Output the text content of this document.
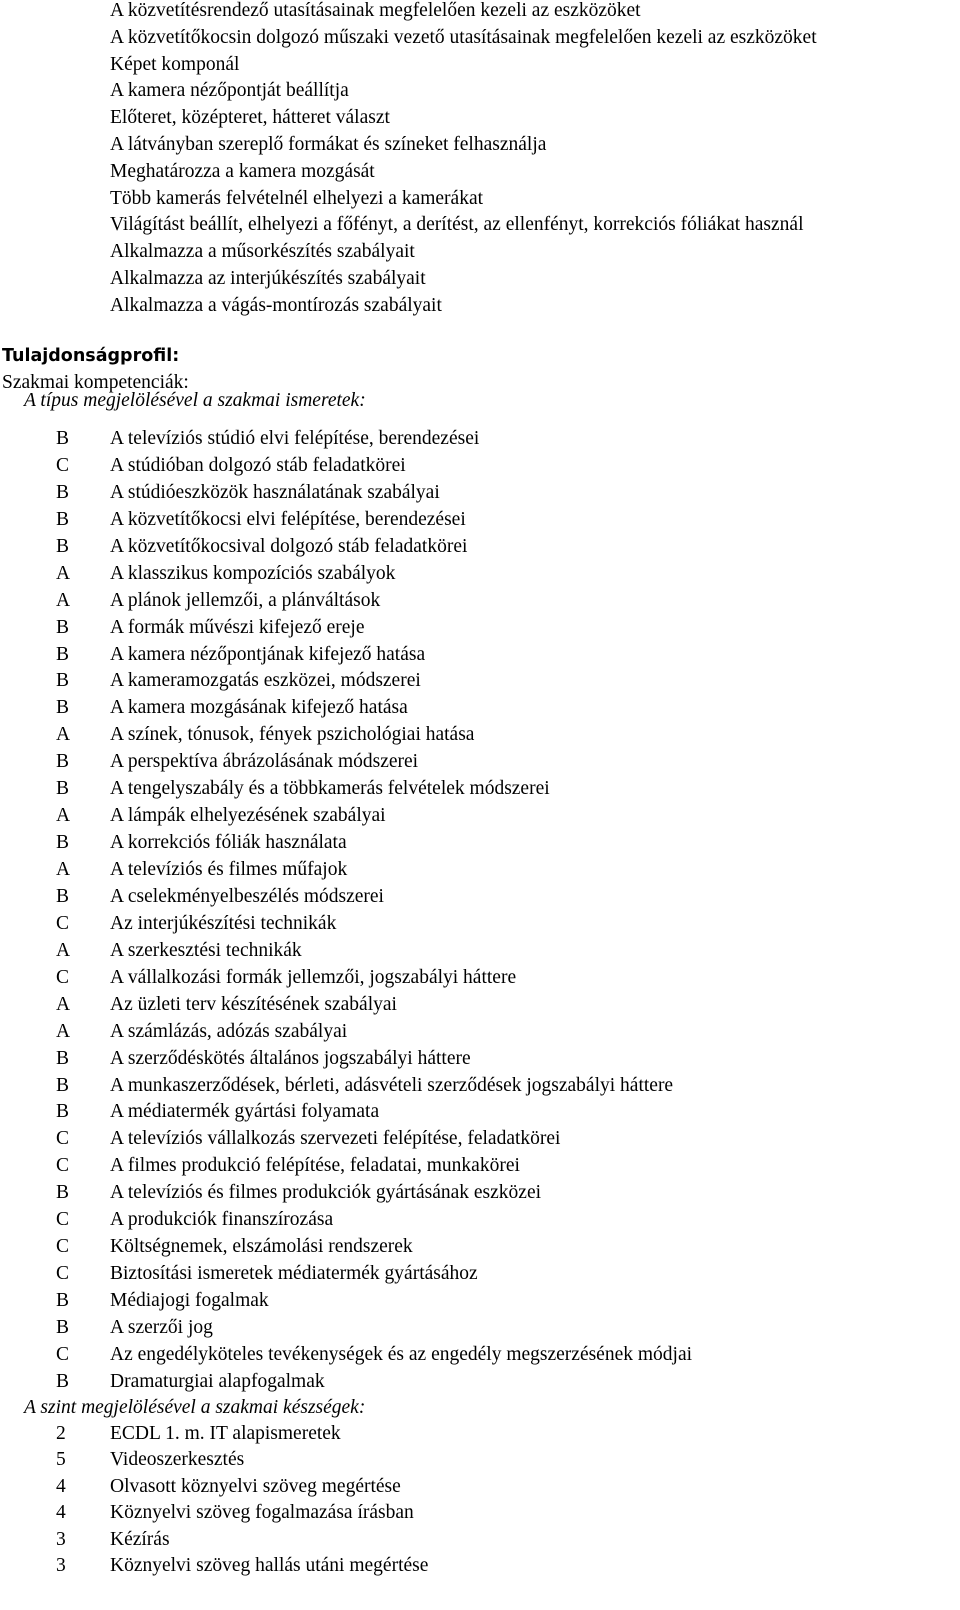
A közvetítésrendező utasításainak megfelelően kezeli az eszközöket
A közvetítőkocsin dolgozó műszaki vezető utasításainak megfelelően kezeli az eszközöket
Képet komponál
A kamera nézőpontját beállítja
Előteret, középteret, hátteret választ
A látványban szereplő formákat és színeket felhasználja
Meghatározza a kamera mozgását
Több kamerás felvételnél elhelyezi a kamerákat
Világítást beállít, elhelyezi a főfényt, a derítést, az ellenfényt, korrekciós fóliákat használ
Alkalmazza a műsorkészítés szabályait
Alkalmazza az interjúkészítés szabályait
Alkalmazza a vágás-montírozás szabályait
Tulajdonságprofil:
Szakmai kompetenciák:
A típus megjelölésével a szakmai ismeretek:
B A televíziós stúdió elvi felépítése, berendezései
C A stúdióban dolgozó stáb feladatkörei
B A stúdióeszközök használatának szabályai
B A közvetítőkocsi elvi felépítése, berendezései
B A közvetítőkocsival dolgozó stáb feladatkörei
A A klasszikus kompozíciós szabályok
A A plánok jellemzői, a plánváltások
B A formák művészi kifejező ereje
B A kamera nézőpontjának kifejező hatása
B A kameramozgatás eszközei, módszerei
B A kamera mozgásának kifejező hatása
A A színek, tónusok, fények pszichológiai hatása
B A perspektíva ábrázolásának módszerei
B A tengelyszabály és a többkamerás felvételek módszerei
A A lámpák elhelyezésének szabályai
B A korrekciós fóliák használata
A A televíziós és filmes műfajok
B A cselekményelbeszélés módszerei
C Az interjúkészítési technikák
A A szerkesztési technikák
C A vállalkozási formák jellemzői, jogszabályi háttere
A Az üzleti terv készítésének szabályai
A A számlázás, adózás szabályai
B A szerződéskötés általános jogszabályi háttere
B A munkaszerződések, bérleti, adásvételi szerződések jogszabályi háttere
B A médiatermék gyártási folyamata
C A televíziós vállalkozás szervezeti felépítése, feladatkörei
C A filmes produkció felépítése, feladatai, munkakörei
B A televíziós és filmes produkciók gyártásának eszközei
C A produkciók finanszírozása
C Költségnemek, elszámolási rendszerek
C Biztosítási ismeretek médiatermék gyártásához
B Médiajogi fogalmak
B A szerzői jog
C Az engedélyköteles tevékenységek és az engedély megszerzésének módjai
B Dramaturgiai alapfogalmak
A szint megjelölésével a szakmai készségek:
2 ECDL 1. m. IT alapismeretek
5 Videoszerkesztés
4 Olvasott köznyelvi szöveg megértése
4 Köznyelvi szöveg fogalmazása írásban
3 Kézírás
3 Köznyelvi szöveg hallás utáni megértése
